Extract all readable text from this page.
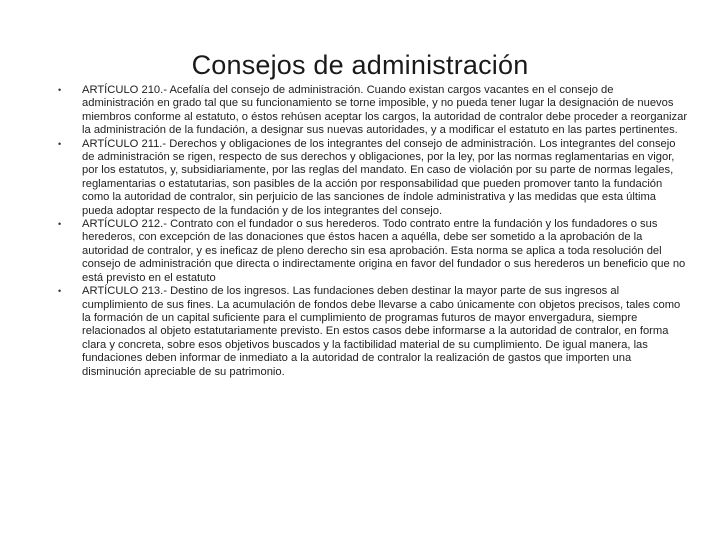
Consejos de administración
• ARTÍCULO 210.- Acefalía del consejo de administración. Cuando existan cargos vacantes en el consejo de administración en grado tal que su funcionamiento se torne imposible, y no pueda tener lugar la designación de nuevos miembros conforme al estatuto, o éstos rehúsen aceptar los cargos, la autoridad de contralor debe proceder a reorganizar la administración de la fundación, a designar sus nuevas autoridades, y a modificar el estatuto en las partes pertinentes.
• ARTÍCULO 211.- Derechos y obligaciones de los integrantes del consejo de administración. Los integrantes del consejo de administración se rigen, respecto de sus derechos y obligaciones, por la ley, por las normas reglamentarias en vigor, por los estatutos, y, subsidiariamente, por las reglas del mandato. En caso de violación por su parte de normas legales, reglamentarias o estatutarias, son pasibles de la acción por responsabilidad que pueden promover tanto la fundación como la autoridad de contralor, sin perjuicio de las sanciones de índole administrativa y las medidas que esta última pueda adoptar respecto de la fundación y de los integrantes del consejo.
• ARTÍCULO 212.- Contrato con el fundador o sus herederos. Todo contrato entre la fundación y los fundadores o sus herederos, con excepción de las donaciones que éstos hacen a aquélla, debe ser sometido a la aprobación de la autoridad de contralor, y es ineficaz de pleno derecho sin esa aprobación. Esta norma se aplica a toda resolución del consejo de administración que directa o indirectamente origina en favor del fundador o sus herederos un beneficio que no está previsto en el estatuto
• ARTÍCULO 213.- Destino de los ingresos. Las fundaciones deben destinar la mayor parte de sus ingresos al cumplimiento de sus fines. La acumulación de fondos debe llevarse a cabo únicamente con objetos precisos, tales como la formación de un capital suficiente para el cumplimiento de programas futuros de mayor envergadura, siempre relacionados al objeto estatutariamente previsto. En estos casos debe informarse a la autoridad de contralor, en forma clara y concreta, sobre esos objetivos buscados y la factibilidad material de su cumplimiento. De igual manera, las fundaciones deben informar de inmediato a la autoridad de contralor la realización de gastos que importen una disminución apreciable de su patrimonio.
